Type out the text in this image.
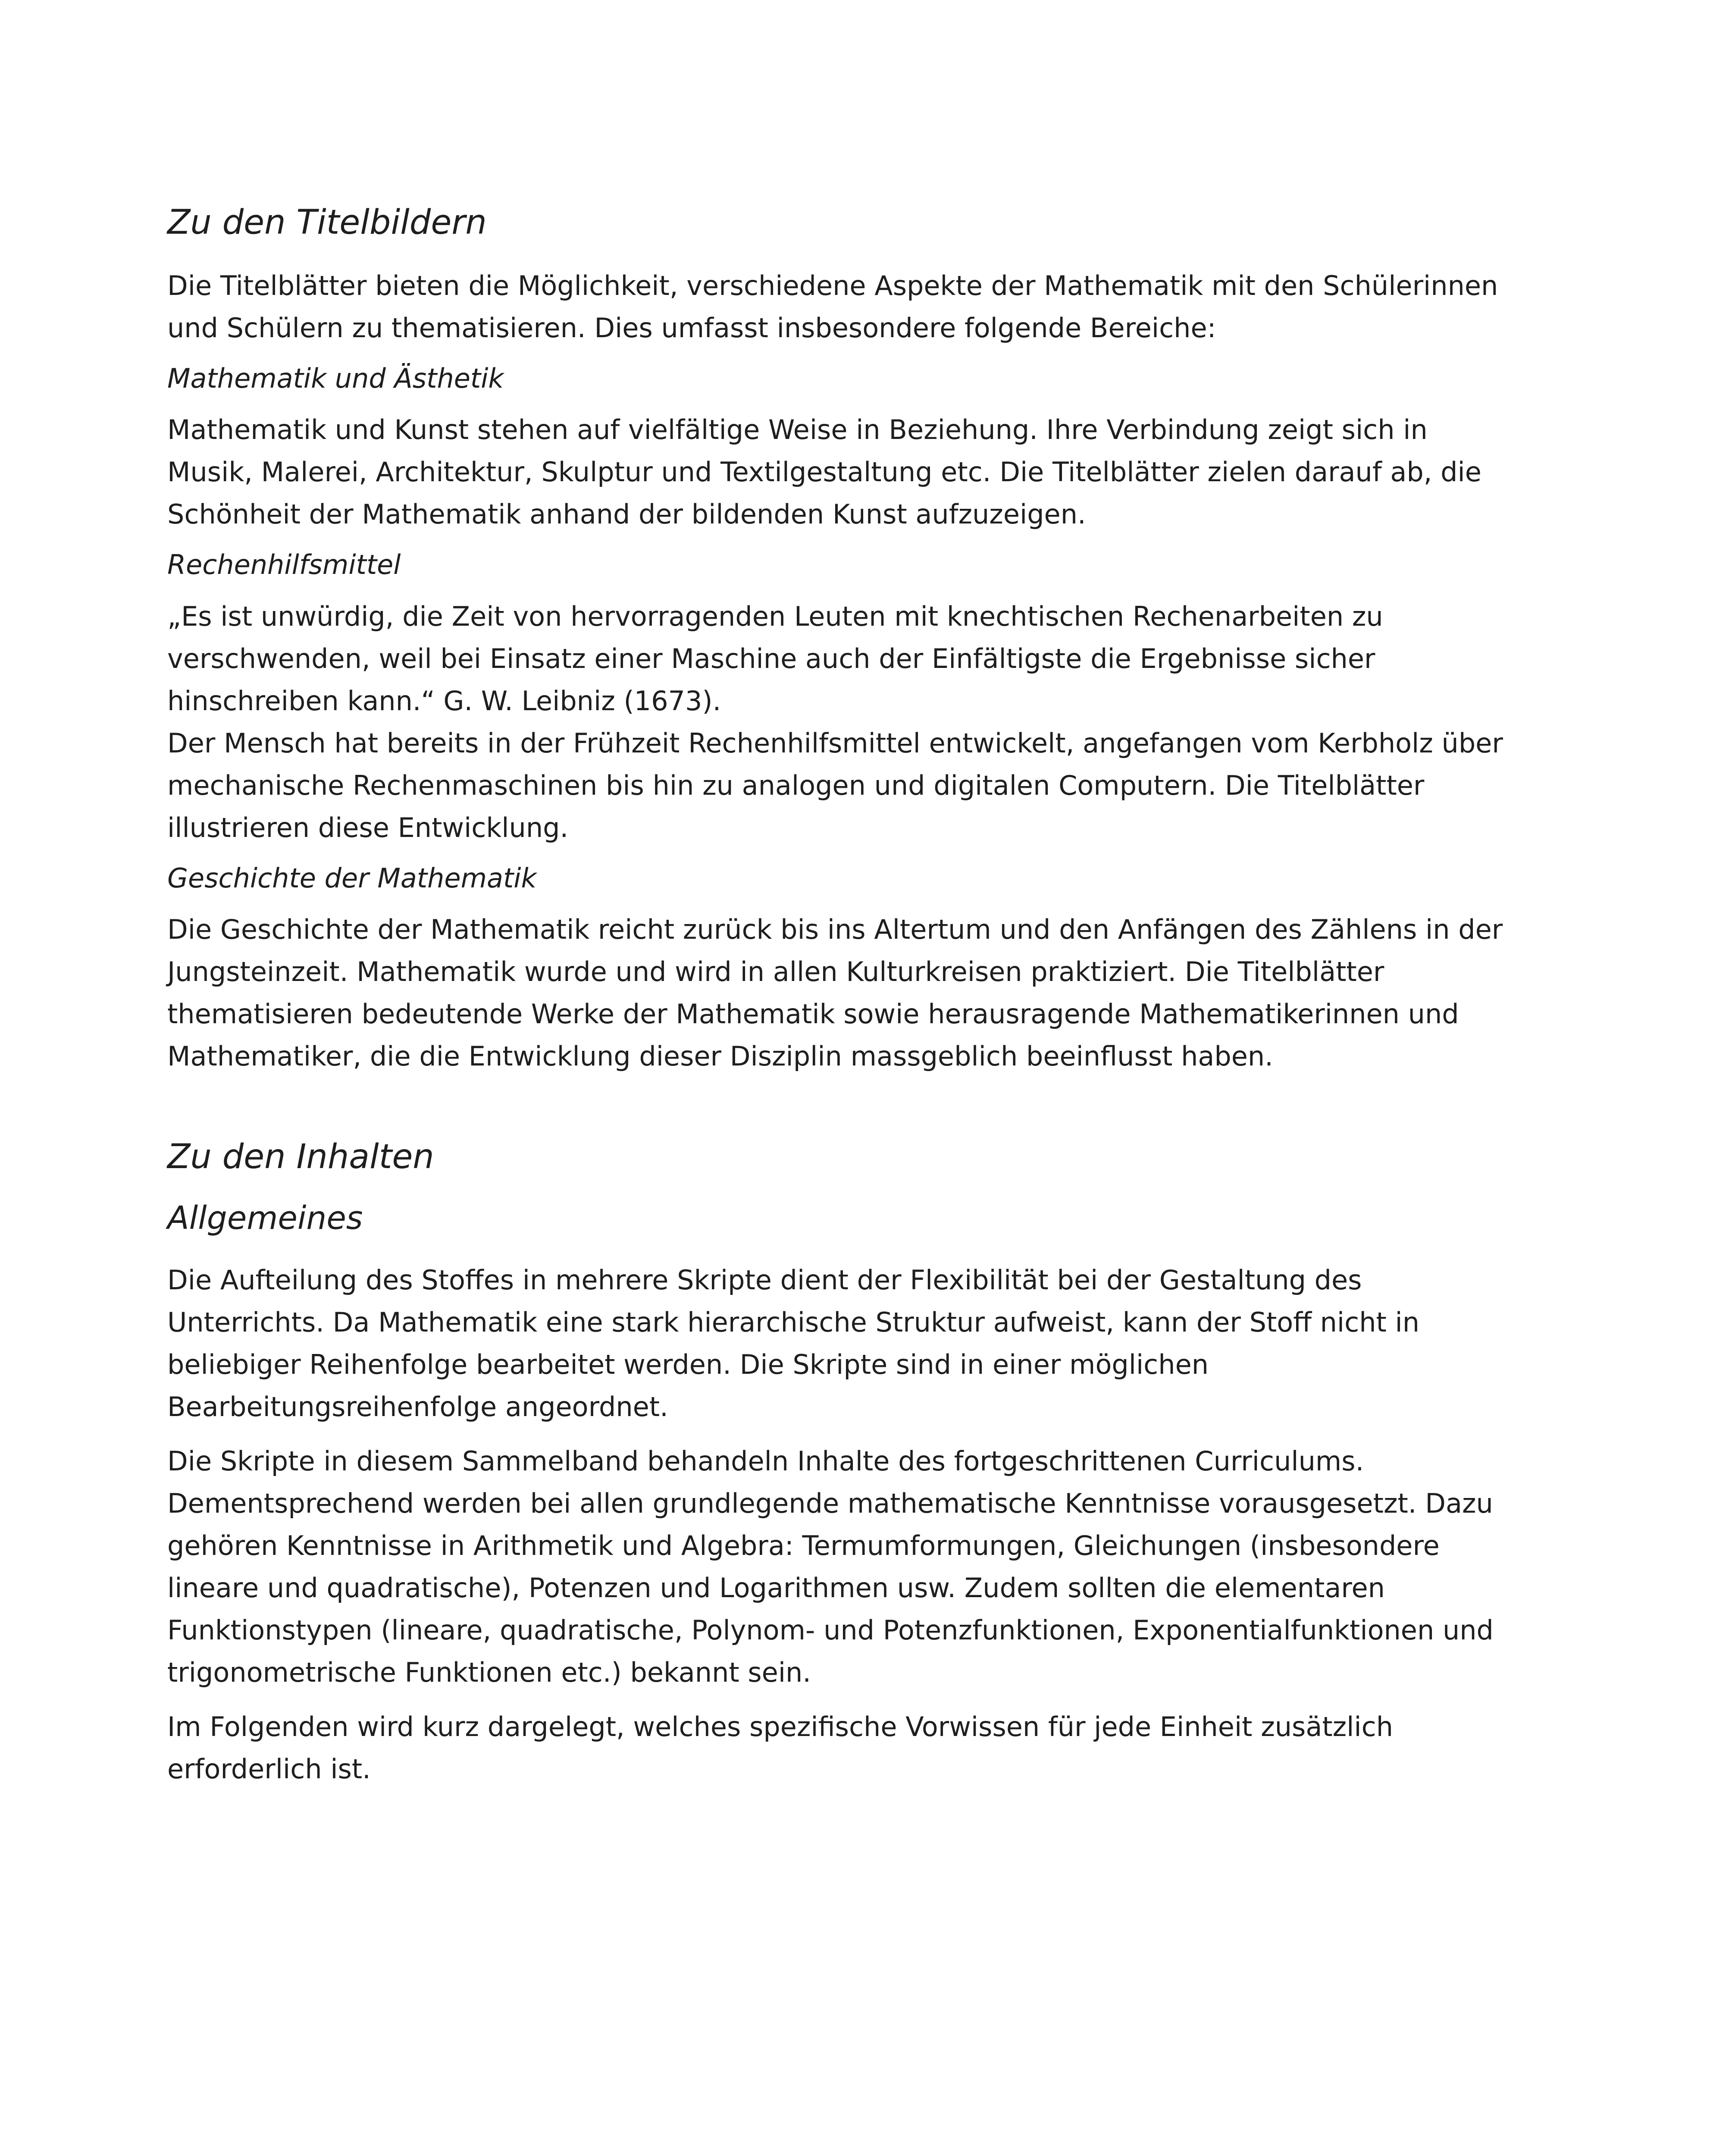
Zu den Titelbildern

Die Titelblätter bieten die Möglichkeit, verschiedene Aspekte der Mathematik mit den Schülerinnen und Schülern zu thematisieren. Dies umfasst insbesondere folgende Bereiche:

Mathematik und Ästhetik

Mathematik und Kunst stehen auf vielfältige Weise in Beziehung. Ihre Verbindung zeigt sich in Musik, Malerei, Architektur, Skulptur und Textilgestaltung etc. Die Titelblätter zielen darauf ab, die Schönheit der Mathematik anhand der bildenden Kunst aufzuzeigen.

Rechenhilfsmittel

„Es ist unwürdig, die Zeit von hervorragenden Leuten mit knechtischen Rechenarbeiten zu verschwenden, weil bei Einsatz einer Maschine auch der Einfältigste die Ergebnisse sicher hinschreiben kann.“ G. W. Leibniz (1673).

Der Mensch hat bereits in der Frühzeit Rechenhilfsmittel entwickelt, angefangen vom Kerbholz über mechanische Rechenmaschinen bis hin zu analogen und digitalen Computern. Die Titelblätter illustrieren diese Entwicklung.

Geschichte der Mathematik

Die Geschichte der Mathematik reicht zurück bis ins Altertum und den Anfängen des Zählens in der Jungsteinzeit. Mathematik wurde und wird in allen Kulturkreisen praktiziert. Die Titelblätter thematisieren bedeutende Werke der Mathematik sowie herausragende Mathematikerinnen und Mathematiker, die die Entwicklung dieser Disziplin massgeblich beeinflusst haben.

Zu den Inhalten
Allgemeines

Die Aufteilung des Stoffes in mehrere Skripte dient der Flexibilität bei der Gestaltung des Unterrichts. Da Mathematik eine stark hierarchische Struktur aufweist, kann der Stoff nicht in beliebiger Reihenfolge bearbeitet werden. Die Skripte sind in einer möglichen Bearbeitungsreihenfolge angeordnet.

Die Skripte in diesem Sammelband behandeln Inhalte des fortgeschrittenen Curriculums. Dementsprechend werden bei allen grundlegende mathematische Kenntnisse vorausgesetzt. Dazu gehören Kenntnisse in Arithmetik und Algebra: Termumformungen, Gleichungen (insbesondere lineare und quadratische), Potenzen und Logarithmen usw. Zudem sollten die elementaren Funktionstypen (lineare, quadratische, Polynom- und Potenzfunktionen, Exponentialfunktionen und trigonometrische Funktionen etc.) bekannt sein.

Im Folgenden wird kurz dargelegt, welches spezifische Vorwissen für jede Einheit zusätzlich erforderlich ist.
